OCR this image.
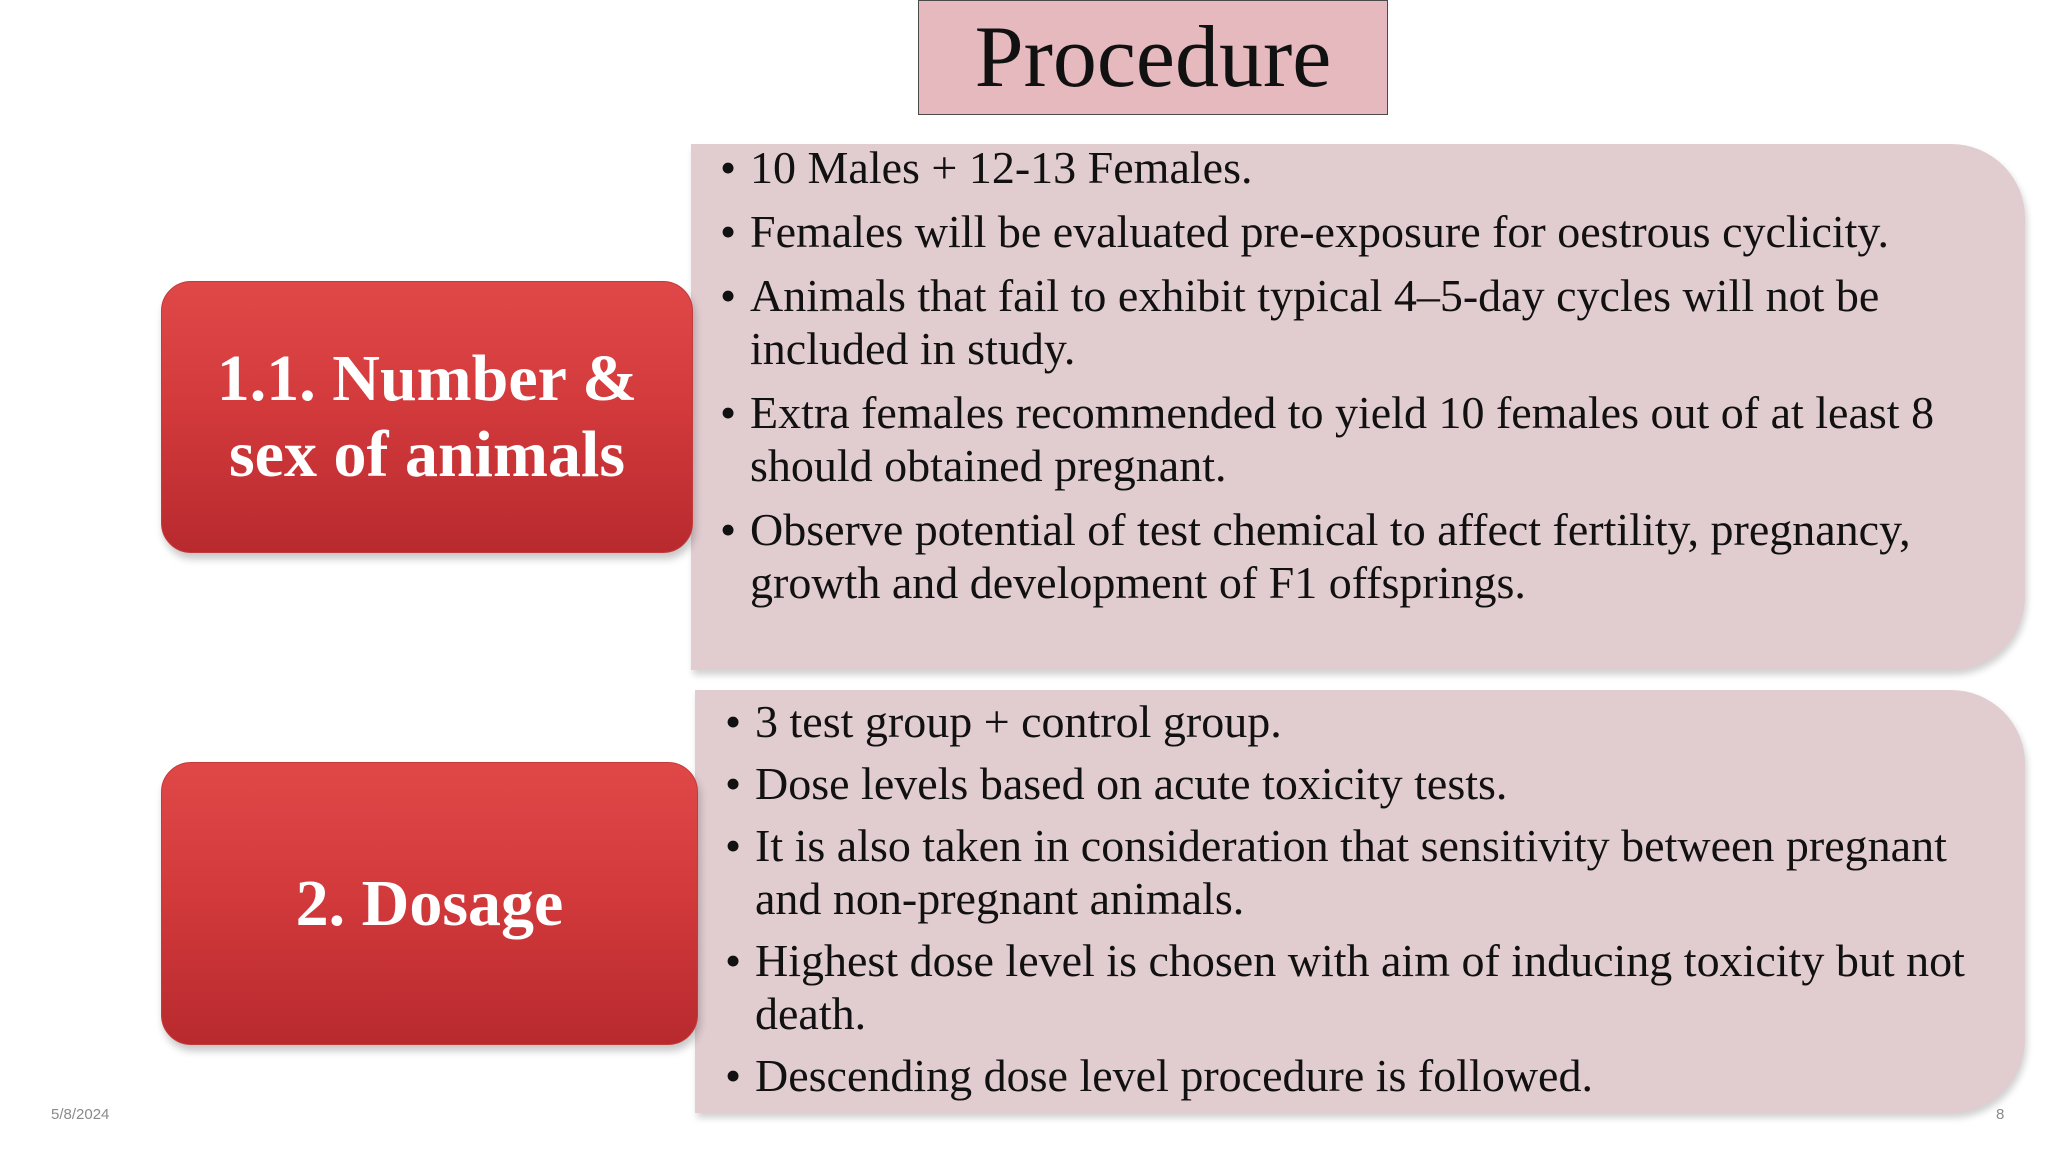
Procedure
• 10 Males + 12-13 Females.
• Females will be evaluated pre-exposure for oestrous cyclicity.
• Animals that fail to exhibit typical 4–5-day cycles will not be included in study.
• Extra females recommended to yield 10 females out of at least 8 should obtained pregnant.
• Observe potential of test chemical to affect fertility, pregnancy, growth and development of F1 offsprings.
1.1. Number & sex of animals
• 3 test group + control group.
• Dose levels based on acute toxicity tests.
• It is also taken in consideration that sensitivity between pregnant and non-pregnant animals.
• Highest dose level is chosen with aim of inducing toxicity but not death.
• Descending dose level procedure is followed.
2. Dosage
5/8/2024	8
